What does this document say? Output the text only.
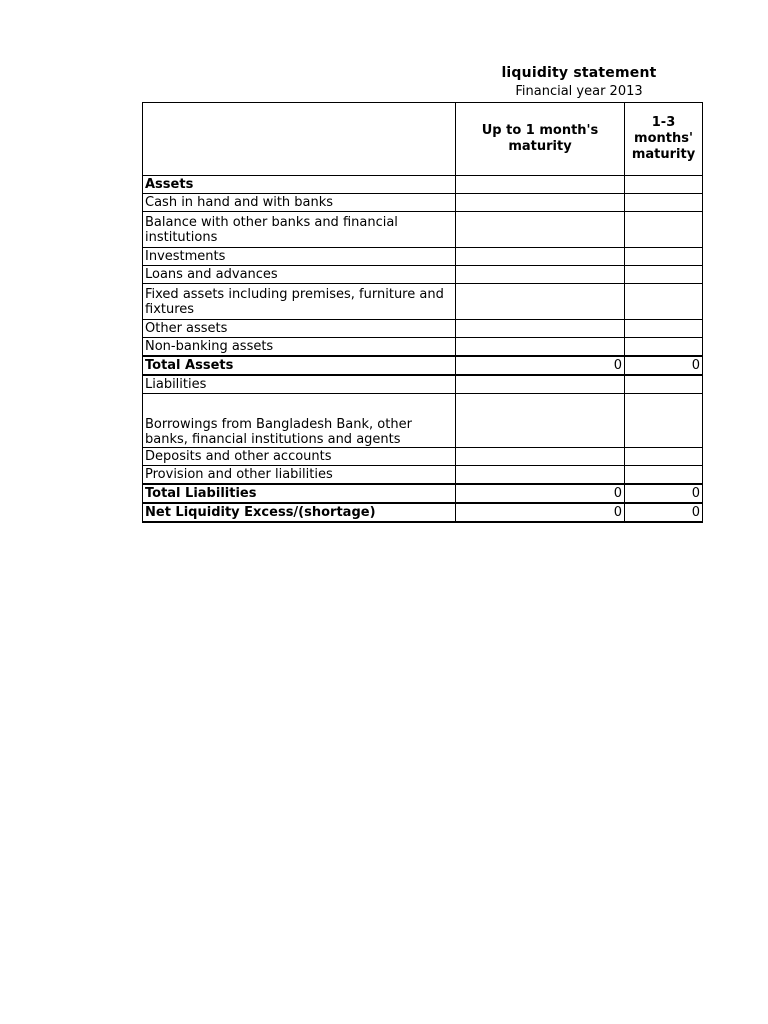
liquidity statement
Financial year 2013
	Up to 1 month's maturity	1-3 months' maturity
Assets		
Cash in hand and with banks		
Balance with other banks and financial institutions		
Investments		
Loans and advances		
Fixed assets including premises, furniture and fixtures		
Other assets		
Non-banking assets		
Total Assets	0	0
Liabilities		
Borrowings from Bangladesh Bank, other banks, financial institutions and agents		
Deposits and other accounts		
Provision and other liabilities		
Total Liabilities	0	0
Net Liquidity Excess/(shortage)	0	0
